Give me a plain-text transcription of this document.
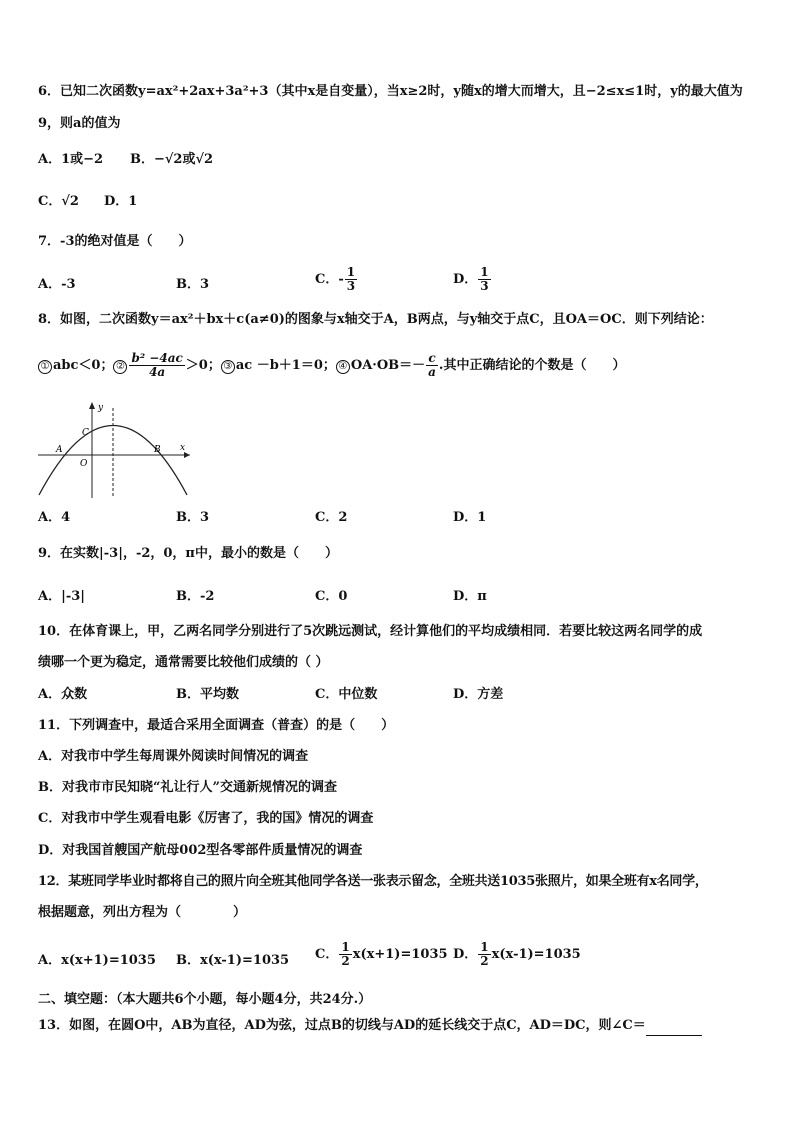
6．已知二次函数y=ax²+2ax+3a²+3（其中x是自变量），当x≥2时，y随x的增大而增大，且−2≤x≤1时，y的最大值为
9，则a的值为
A．1或−2 B．−√2或√2
C．√2 D．1
7．-3的绝对值是（　　）
A．-3	B．3	C．- $\frac{1}{3}$	D． $\frac{1}{3}$
8．如图，二次函数y＝ax²＋bx＋c(a≠0)的图象与x轴交于A，B两点，与y轴交于点C，且OA＝OC．则下列结论：
① abc＜0； ② $\frac{\text{b² −4ac}}{4a} >0$； ③ ac －b＋1＝0； ④ $OA\cdot OB=- \frac{c}{a}$ .其中正确结论的个数是（　　）
y
x
A	B
C
O
A．4	B．3	C．2	D．1
9．在实数|-3|，-2，0，π中，最小的数是（　　）
A．|-3|	B．-2	C．0	D．π
10．在体育课上，甲，乙两名同学分别进行了5次跳远测试，经计算他们的平均成绩相同．若要比较这两名同学的成
绩哪一个更为稳定，通常需要比较他们成绩的（ ）
A．众数	B．平均数	C．中位数	D．方差
11．下列调查中，最适合采用全面调查（普查）的是（　　）
A．对我市中学生每周课外阅读时间情况的调查
B．对我市市民知晓“礼让行人”交通新规情况的调查
C．对我市中学生观看电影《厉害了，我的国》情况的调查
D．对我国首艘国产航母002型各零部件质量情况的调查
12．某班同学毕业时都将自己的照片向全班其他同学各送一张表示留念，全班共送1035张照片，如果全班有x名同学，
根据题意，列出方程为（　　　　）
A．x(x+1)=1035 B．x(x-1)=1035 C． $\frac{1}{2} x(x+1)=1035$ D． $\frac{1}{2} x(x-1)=1035$
二、填空题：（本大题共6个小题，每小题4分，共24分.）
13．如图，在圆O中，AB为直径，AD为弦，过点B的切线与AD的延长线交于点C，AD＝DC，则∠C＝
